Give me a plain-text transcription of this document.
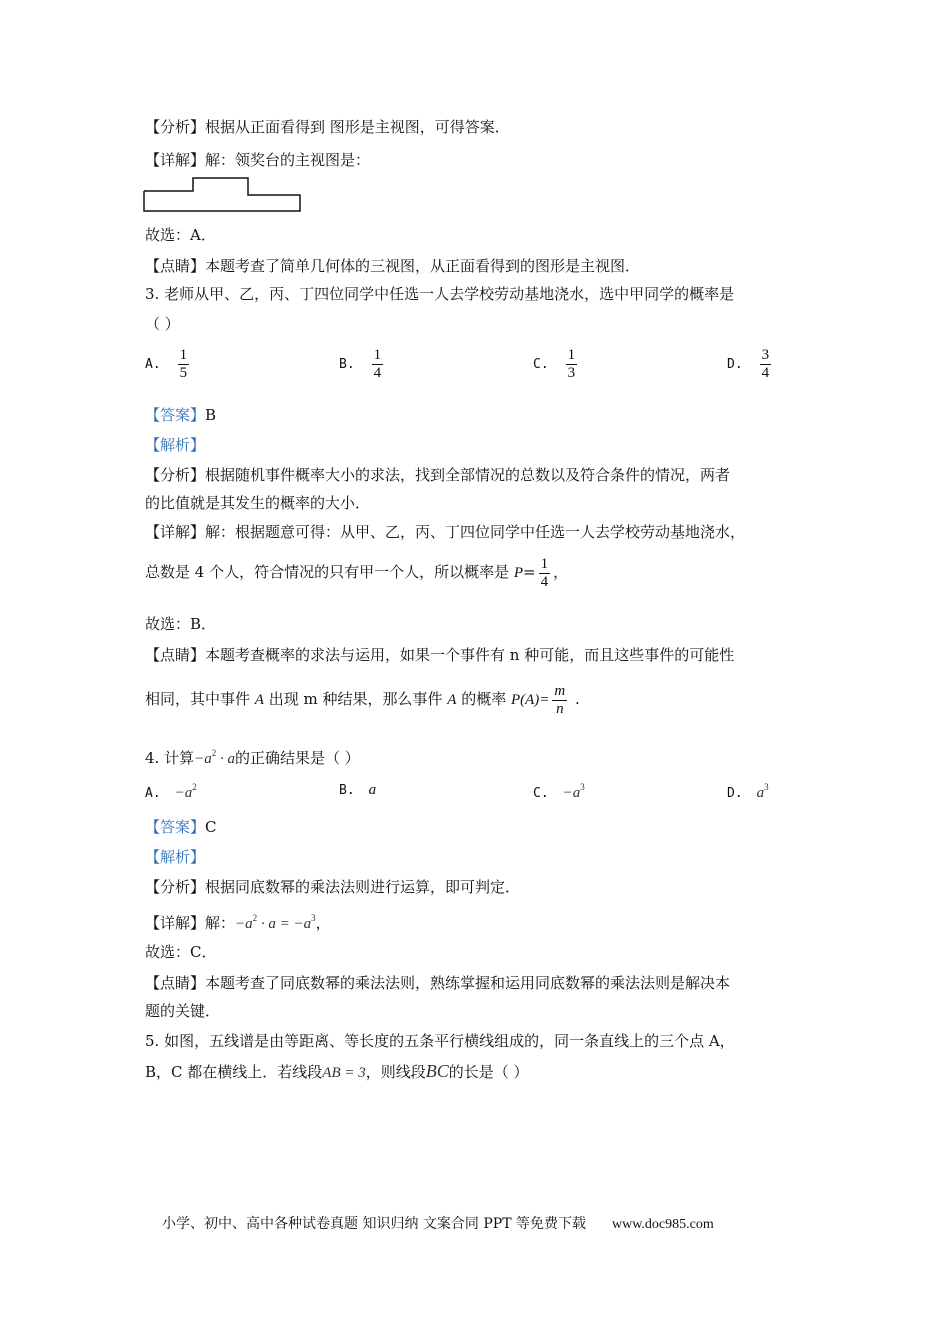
【分析】根据从正面看得到 图形是主视图，可得答案．
【详解】解：领奖台的主视图是：
故选：A．
【点睛】本题考查了简单几何体的三视图，从正面看得到的图形是主视图．
3. 老师从甲、乙，丙、丁四位同学中任选一人去学校劳动基地浇水，选中甲同学的概率是
（ ）
A. $\frac{1}{5}$	B. $\frac{1}{4}$	C. $\frac{1}{3}$	D. $\frac{3}{4}$
【答案】B
【解析】
【分析】根据随机事件概率大小的求法，找到全部情况的总数以及符合条件的情况，两者
的比值就是其发生的概率的大小．
【详解】解：根据题意可得：从甲、乙，丙、丁四位同学中任选一人去学校劳动基地浇水，
总数是 4 个人，符合情况的只有甲一个人，所以概率是 $P= \frac{1}{4}$ ，
故选：B．
【点睛】本题考查概率的求法与运用，如果一个事件有 n 种可能，而且这些事件的可能性
相同，其中事件 A 出现 m 种结果，那么事件 A 的概率 $P(A)= \frac{m}{n}$ .
4. 计算$-a^2 \cdot a$的正确结果是（ ）
A. $-a^2$	B. a	C. $-a^3$	D. $a^3$
【答案】C
【解析】
【分析】根据同底数幂的乘法法则进行运算，即可判定．
【详解】解：$-a^2 \cdot a = -a^3$，
故选：C．
【点睛】本题考查了同底数幂的乘法法则，熟练掌握和运用同底数幂的乘法法则是解决本
题的关键．
5. 如图，五线谱是由等距离、等长度的五条平行横线组成的，同一条直线上的三个点 A，
B，C 都在横线上．若线段AB = 3，则线段BC的长是（ ）
小学、初中、高中各种试卷真题 知识归纳 文案合同 PPT 等免费下载 www.doc985.com
